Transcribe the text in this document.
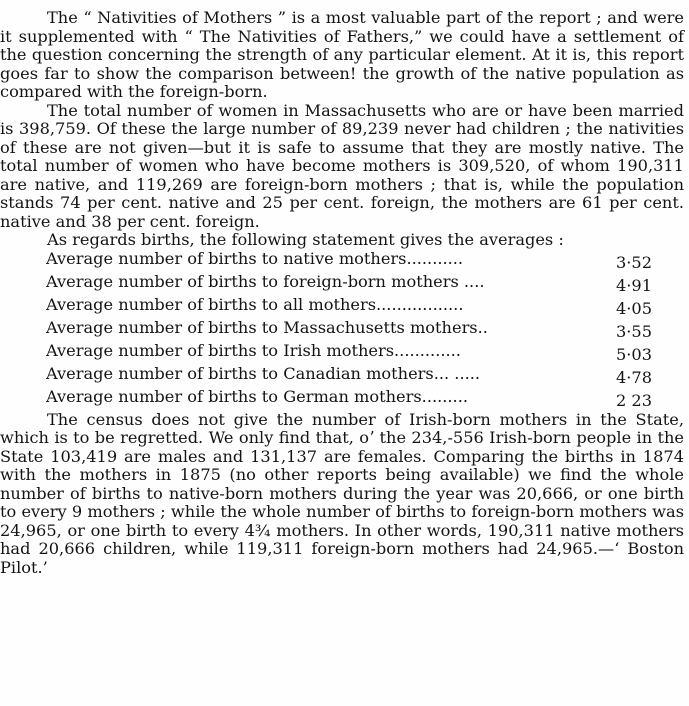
The “ Nativities of Mothers ” is a most valuable part of the report ; and were it supplemented with “ The Nativities of Fathers,” we could have a settlement of the question concerning the strength of any particular element. At it is, this report goes far to show the comparison between! the growth of the native population as compared with the foreign-born.

The total number of women in Massachusetts who are or have been married is 398,759. Of these the large number of 89,239 never had children ; the nativities of these are not given—but it is safe to assume that they are mostly native. The total number of women who have become mothers is 309,520, of whom 190,311 are native, and 119,269 are foreign-born mothers ; that is, while the population stands 74 per cent. native and 25 per cent. foreign, the mothers are 61 per cent. native and 38 per cent. foreign.

As regards births, the following statement gives the averages :

Average number of births to native mothers...........	3·52
Average number of births to foreign-born mothers ....	4·91
Average number of births to all mothers.................	4·05
Average number of births to Massachusetts mothers..	3·55
Average number of births to Irish mothers.............	5·03
Average number of births to Canadian mothers... .....	4·78
Average number of births to German mothers.........	2 23

The census does not give the number of Irish-born mothers in the State, which is to be regretted. We only find that, oʼ the 234,-556 Irish-born people in the State 103,419 are males and 131,137 are females. Comparing the births in 1874 with the mothers in 1875 (no other reports being available) we find the whole number of births to native-born mothers during the year was 20,666, or one birth to every 9 mothers ; while the whole number of births to foreign-born mothers was 24,965, or one birth to every 4¾ mothers. In other words, 190,311 native mothers had 20,666 children, while 119,311 foreign-born mothers had 24,965.—‘ Boston Pilot.’
